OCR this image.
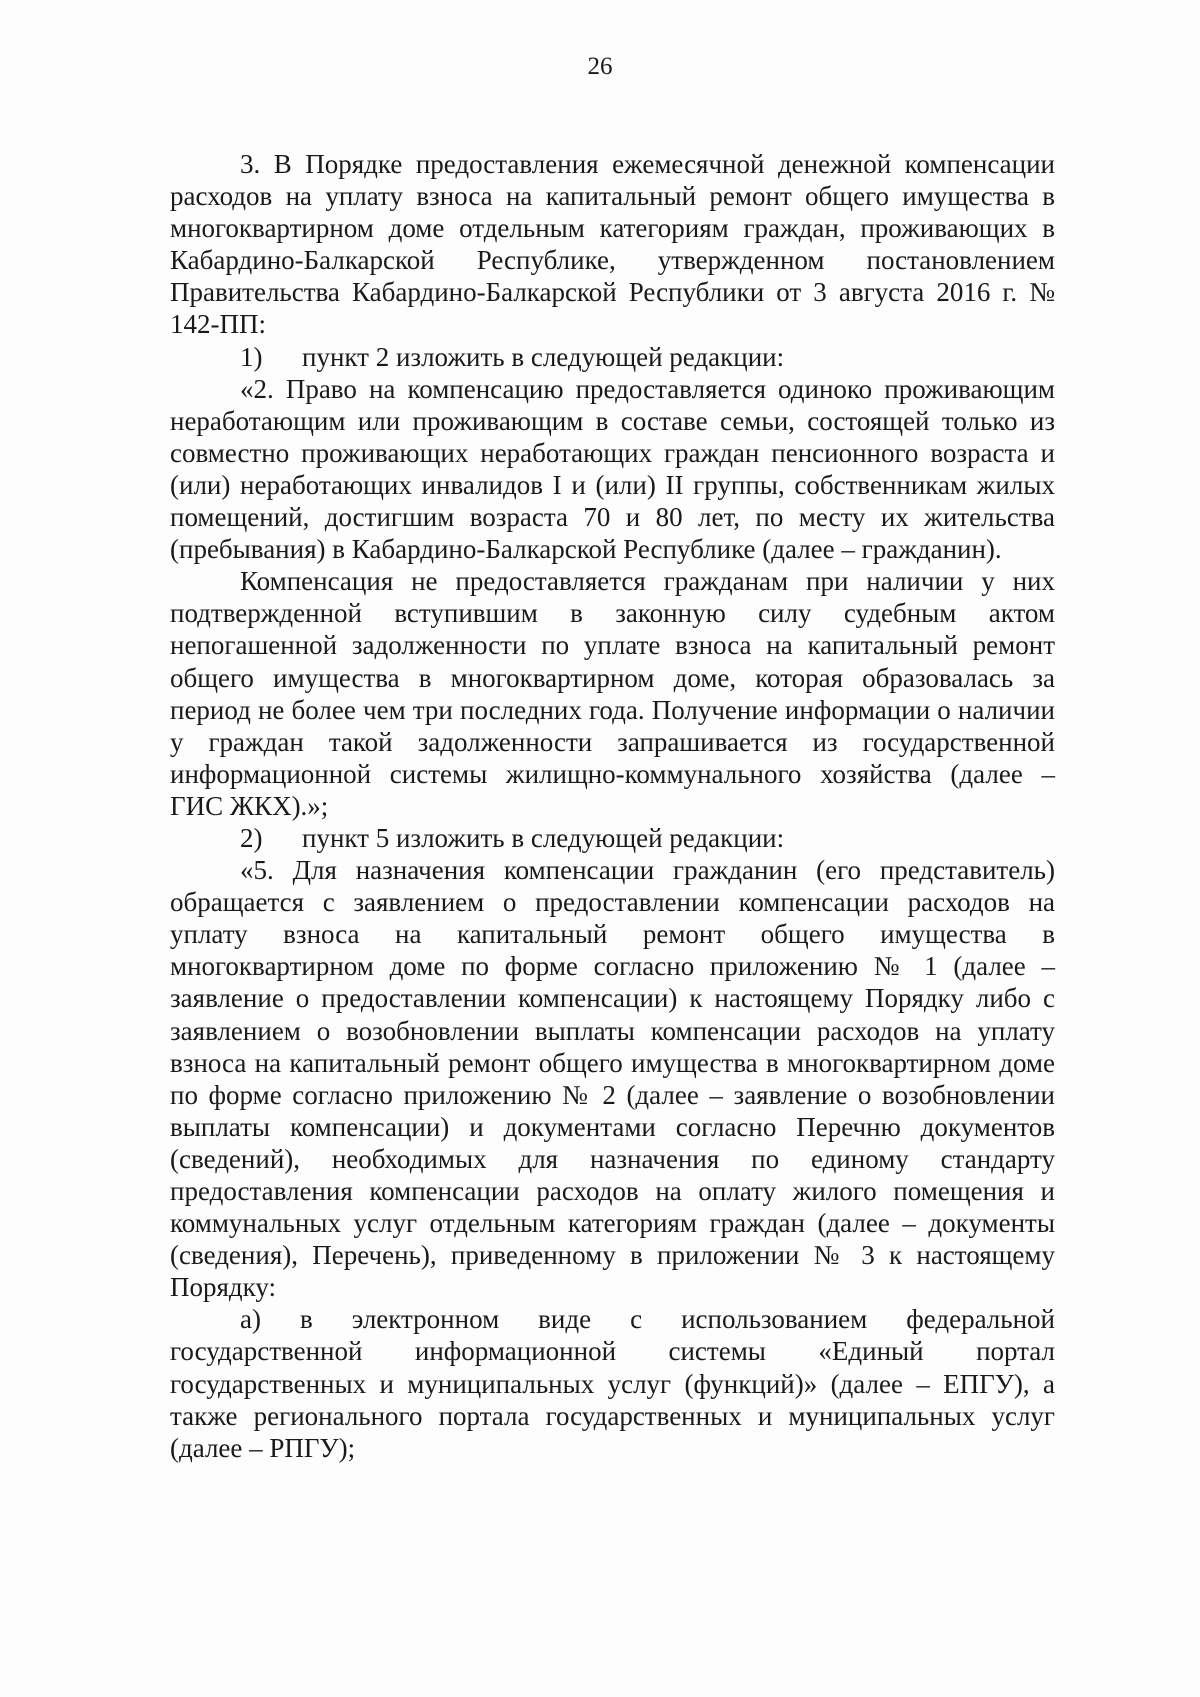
26

3. В Порядке предоставления ежемесячной денежной компенсации расходов на уплату взноса на капитальный ремонт общего имущества в многоквартирном доме отдельным категориям граждан, проживающих в Кабардино-Балкарской Республике, утвержденном постановлением Правительства Кабардино-Балкарской Республики от 3 августа 2016 г. № 142-ПП:

1) пункт 2 изложить в следующей редакции:

«2. Право на компенсацию предоставляется одиноко проживающим неработающим или проживающим в составе семьи, состоящей только из совместно проживающих неработающих граждан пенсионного возраста и (или) неработающих инвалидов I и (или) II группы, собственникам жилых помещений, достигшим возраста 70 и 80 лет, по месту их жительства (пребывания) в Кабардино-Балкарской Республике (далее – гражданин).

Компенсация не предоставляется гражданам при наличии у них подтвержденной вступившим в законную силу судебным актом непогашенной задолженности по уплате взноса на капитальный ремонт общего имущества в многоквартирном доме, которая образовалась за период не более чем три последних года. Получение информации о наличии у граждан такой задолженности запрашивается из государственной информационной системы жилищно-коммунального хозяйства (далее – ГИС ЖКХ).»;

2) пункт 5 изложить в следующей редакции:

«5. Для назначения компенсации гражданин (его представитель) обращается с заявлением о предоставлении компенсации расходов на уплату взноса на капитальный ремонт общего имущества в многоквартирном доме по форме согласно приложению № 1 (далее – заявление о предоставлении компенсации) к настоящему Порядку либо с заявлением о возобновлении выплаты компенсации расходов на уплату взноса на капитальный ремонт общего имущества в многоквартирном доме по форме согласно приложению № 2 (далее – заявление о возобновлении выплаты компенсации) и документами согласно Перечню документов (сведений), необходимых для назначения по единому стандарту предоставления компенсации расходов на оплату жилого помещения и коммунальных услуг отдельным категориям граждан (далее – документы (сведения), Перечень), приведенному в приложении № 3 к настоящему Порядку:

а) в электронном виде с использованием федеральной государственной информационной системы «Единый портал государственных и муниципальных услуг (функций)» (далее – ЕПГУ), а также регионального портала государственных и муниципальных услуг (далее – РПГУ);
